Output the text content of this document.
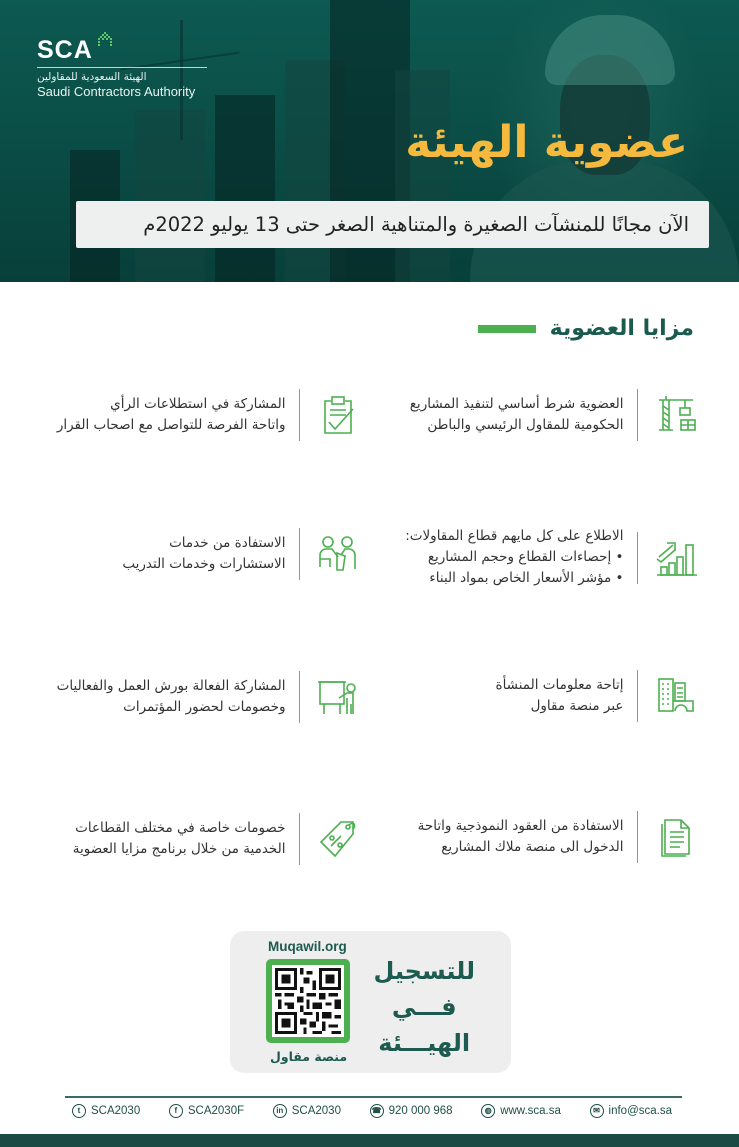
SCA
الهيئة السعودية للمقاولين
Saudi Contractors Authority
عضوية الهيئة
الآن مجانًا للمنشآت الصغيرة والمتناهية الصغر حتى 13 يوليو 2022م
مزايا العضوية
العضوية شرط أساسي لتنفيذ المشاريع
الحكومية للمقاول الرئيسي والباطن
الاطلاع على كل مايهم قطاع المقاولات:
• إحصاءات القطاع وحجم المشاريع
• مؤشر الأسعار الخاص بمواد البناء
إتاحة معلومات المنشأة
عبر منصة مقاول
الاستفادة من العقود النموذجية واتاحة
الدخول الى منصة ملاك المشاريع
المشاركة في استطلاعات الرأي
واتاحة الفرصة للتواصل مع اصحاب القرار
الاستفادة من خدمات
الاستشارات وخدمات التدريب
المشاركة الفعالة بورش العمل والفعاليات
وخصومات لحضور المؤتمرات
خصومات خاصة في مختلف القطاعات
الخدمية من خلال برنامج مزايا العضوية
Muqawil.org
منصة مقاول
للتسجيل
فـــي
الهيـــئة
t SCA2030	f SCA2030F	in SCA2030	☎ 920 000 968	◍ www.sca.sa	✉ info@sca.sa
